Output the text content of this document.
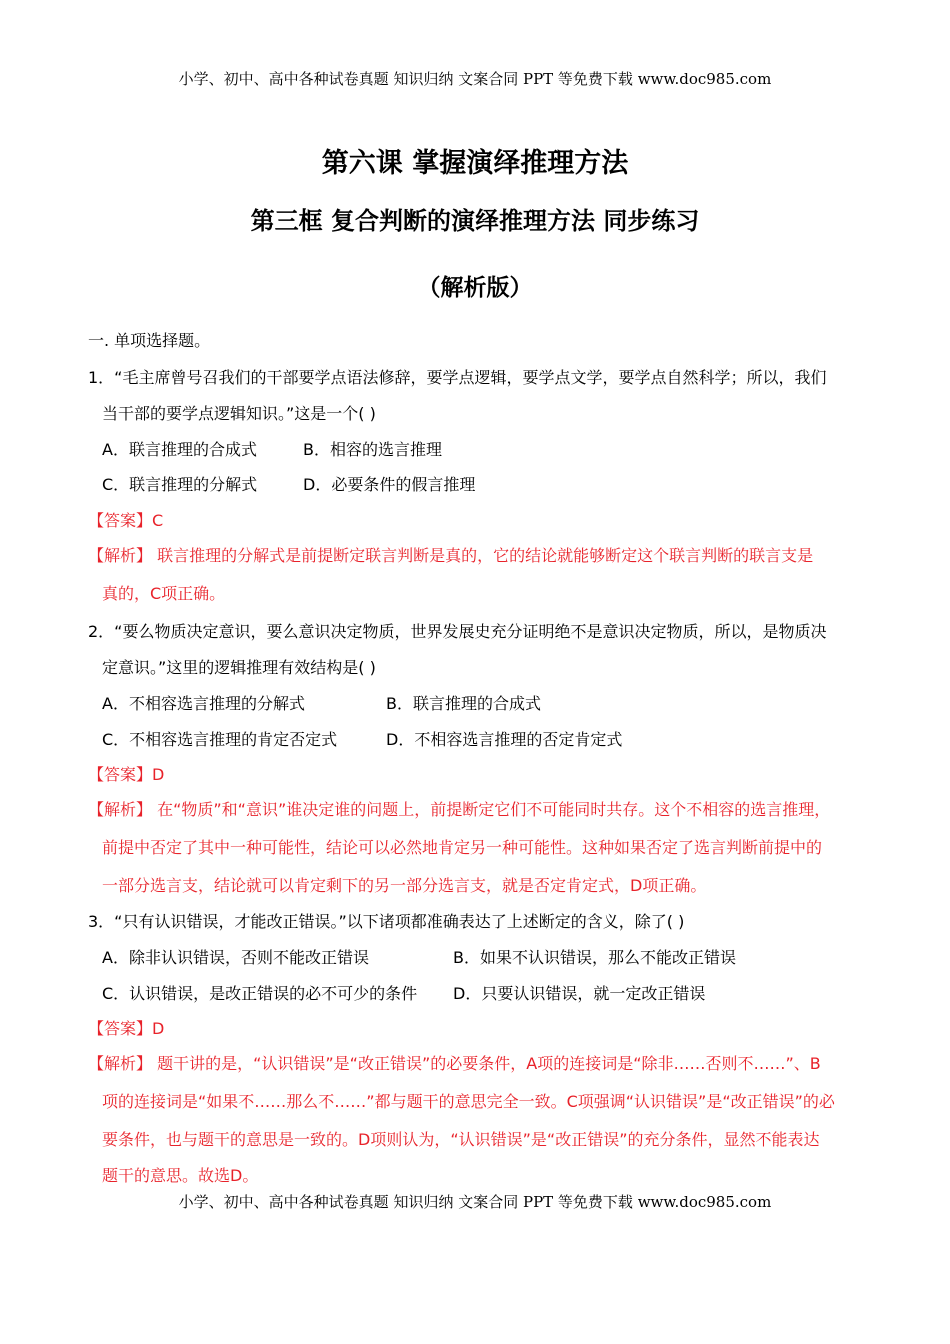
小学、初中、高中各种试卷真题 知识归纳 文案合同 PPT 等免费下载 www.doc985.com
第六课 掌握演绎推理方法
第三框 复合判断的演绎推理方法 同步练习
（解析版）
一. 单项选择题。
1．“毛主席曾号召我们的干部要学点语法修辞，要学点逻辑，要学点文学，要学点自然科学；所以，我们
当干部的要学点逻辑知识。”这是一个( )
A．联言推理的合成式	B．相容的选言推理
C．联言推理的分解式	D．必要条件的假言推理
【答案】C
【解析】 联言推理的分解式是前提断定联言判断是真的，它的结论就能够断定这个联言判断的联言支是
真的，C项正确。
2．“要么物质决定意识，要么意识决定物质，世界发展史充分证明绝不是意识决定物质，所以，是物质决
定意识。”这里的逻辑推理有效结构是( )
A．不相容选言推理的分解式	B．联言推理的合成式
C．不相容选言推理的肯定否定式	D．不相容选言推理的否定肯定式
【答案】D
【解析】 在“物质”和“意识”谁决定谁的问题上，前提断定它们不可能同时共存。这个不相容的选言推理，
前提中否定了其中一种可能性，结论可以必然地肯定另一种可能性。这种如果否定了选言判断前提中的
一部分选言支，结论就可以肯定剩下的另一部分选言支，就是否定肯定式，D项正确。
3．“只有认识错误，才能改正错误。”以下诸项都准确表达了上述断定的含义，除了( )
A．除非认识错误，否则不能改正错误	B．如果不认识错误，那么不能改正错误
C．认识错误，是改正错误的必不可少的条件 D．只要认识错误，就一定改正错误
【答案】D
【解析】 题干讲的是，“认识错误”是“改正错误”的必要条件，A项的连接词是“除非……否则不……”、B
项的连接词是“如果不……那么不……”都与题干的意思完全一致。C项强调“认识错误”是“改正错误”的必
要条件，也与题干的意思是一致的。D项则认为，“认识错误”是“改正错误”的充分条件，显然不能表达
题干的意思。故选D。
小学、初中、高中各种试卷真题 知识归纳 文案合同 PPT 等免费下载 www.doc985.com
